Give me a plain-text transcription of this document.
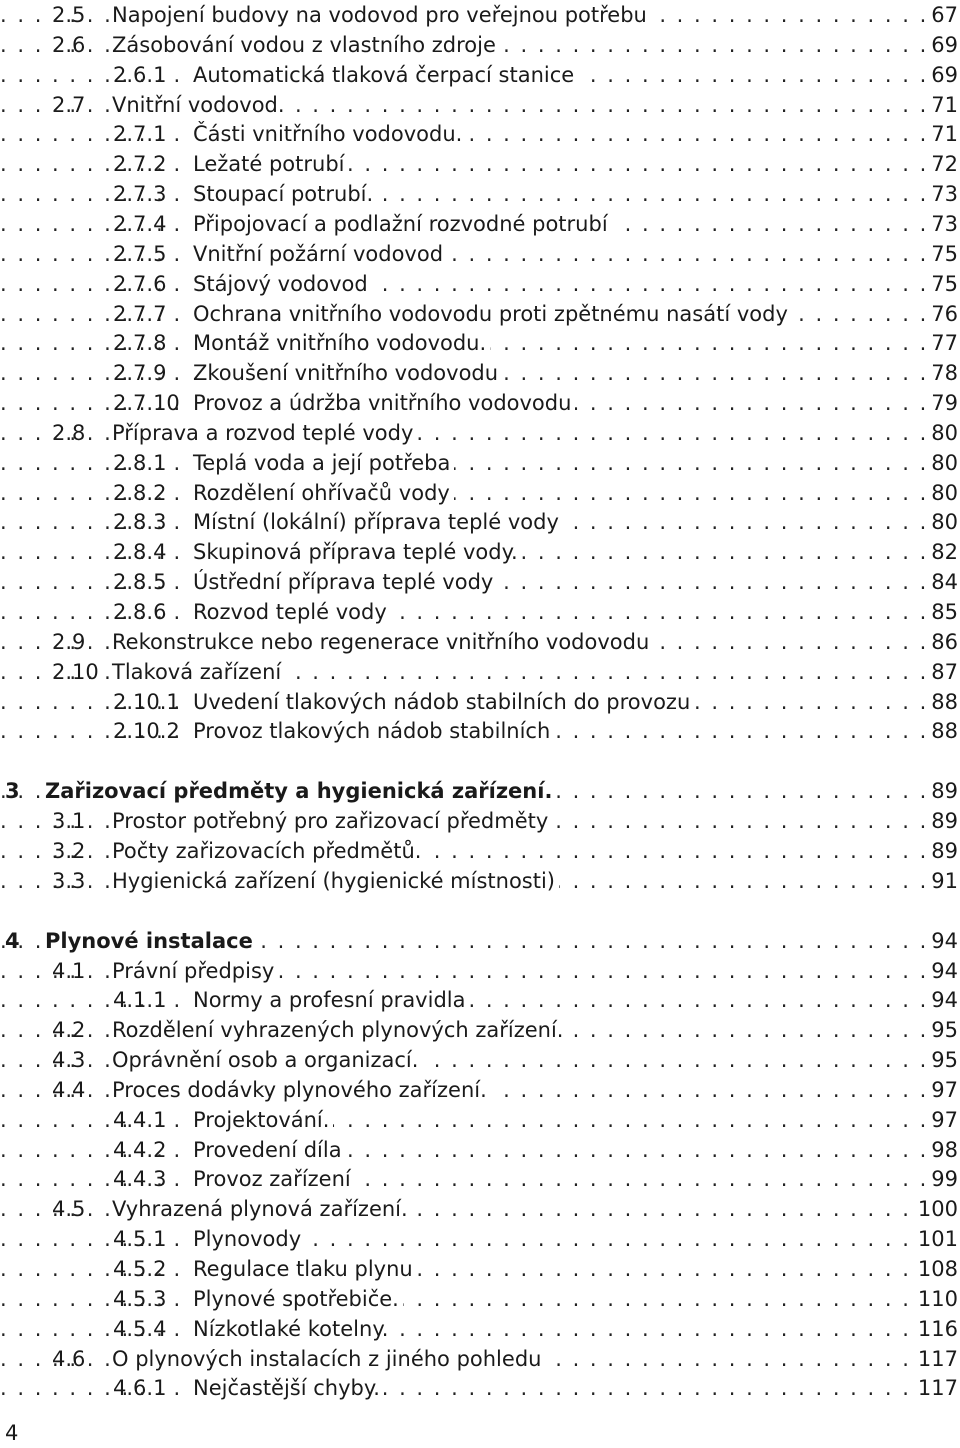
. . .
2.5 Napojení budovy na vodovod pro veřejnou potřebu	67
. . .
2.6 Zásobování vodou z vlastního zdroje	69
. . .
2.6.1 Automatická tlaková čerpací stanice	69
. . .
2.7 Vnitřní vodovod.	71
. . .
2.7.1 Části vnitřního vodovodu.	71
. . .
2.7.2 Ležaté potrubí	72
. . .
2.7.3 Stoupací potrubí.	73
. . .
2.7.4 Připojovací a podlažní rozvodné potrubí	73
. . .
2.7.5 Vnitřní požární vodovod	75
. . .
2.7.6 Stájový vodovod	75
. . .
2.7.7 Ochrana vnitřního vodovodu proti zpětnému nasátí vody	76
. . .
2.7.8 Montáž vnitřního vodovodu.	77
. . .
2.7.9 Zkoušení vnitřního vodovodu	78
. . .
2.7.10 Provoz a údržba vnitřního vodovodu	79
. . .
2.8 Příprava a rozvod teplé vody	80
. . .
2.8.1 Teplá voda a její potřeba	80
. . .
2.8.2 Rozdělení ohřívačů vody	80
. . .
2.8.3 Místní (lokální) příprava teplé vody	80
. . .
2.8.4 Skupinová příprava teplé vody.	82
. . .
2.8.5 Ústřední příprava teplé vody	84
. . .
2.8.6 Rozvod teplé vody	85
. . .
2.9 Rekonstrukce nebo regenerace vnitřního vodovodu	86
. . .
2.10 Tlaková zařízení	87
. . .
2.10.1 Uvedení tlakových nádob stabilních do provozu	88
. . .
2.10.2 Provoz tlakových nádob stabilních	88
. . .
3 Zařizovací předměty a hygienická zařízení.	89
. . .
3.1 Prostor potřebný pro zařizovací předměty	89
. . .
3.2 Počty zařizovacích předmětů.	89
. . .
3.3 Hygienická zařízení (hygienické místnosti)	91
. . .
4 Plynové instalace	94
. . .
4.1 Právní předpisy	94
. . .
4.1.1 Normy a profesní pravidla	94
. . .
4.2 Rozdělení vyhrazených plynových zařízení.	95
. . .
4.3 Oprávnění osob a organizací.	95
. . .
4.4 Proces dodávky plynového zařízení.	97
. . .
4.4.1 Projektování.	97
. . .
4.4.2 Provedení díla	98
. . .
4.4.3 Provoz zařízení	99
. . .
4.5 Vyhrazená plynová zařízení.	100
. . .
4.5.1 Plynovody	101
. . .
4.5.2 Regulace tlaku plynu	108
. . .
4.5.3 Plynové spotřebiče.	110
. . .
4.5.4 Nízkotlaké kotelny.	116
. . .
4.6 O plynových instalacích z jiného pohledu	117
. . .
4.6.1 Nejčastější chyby.	117
4
